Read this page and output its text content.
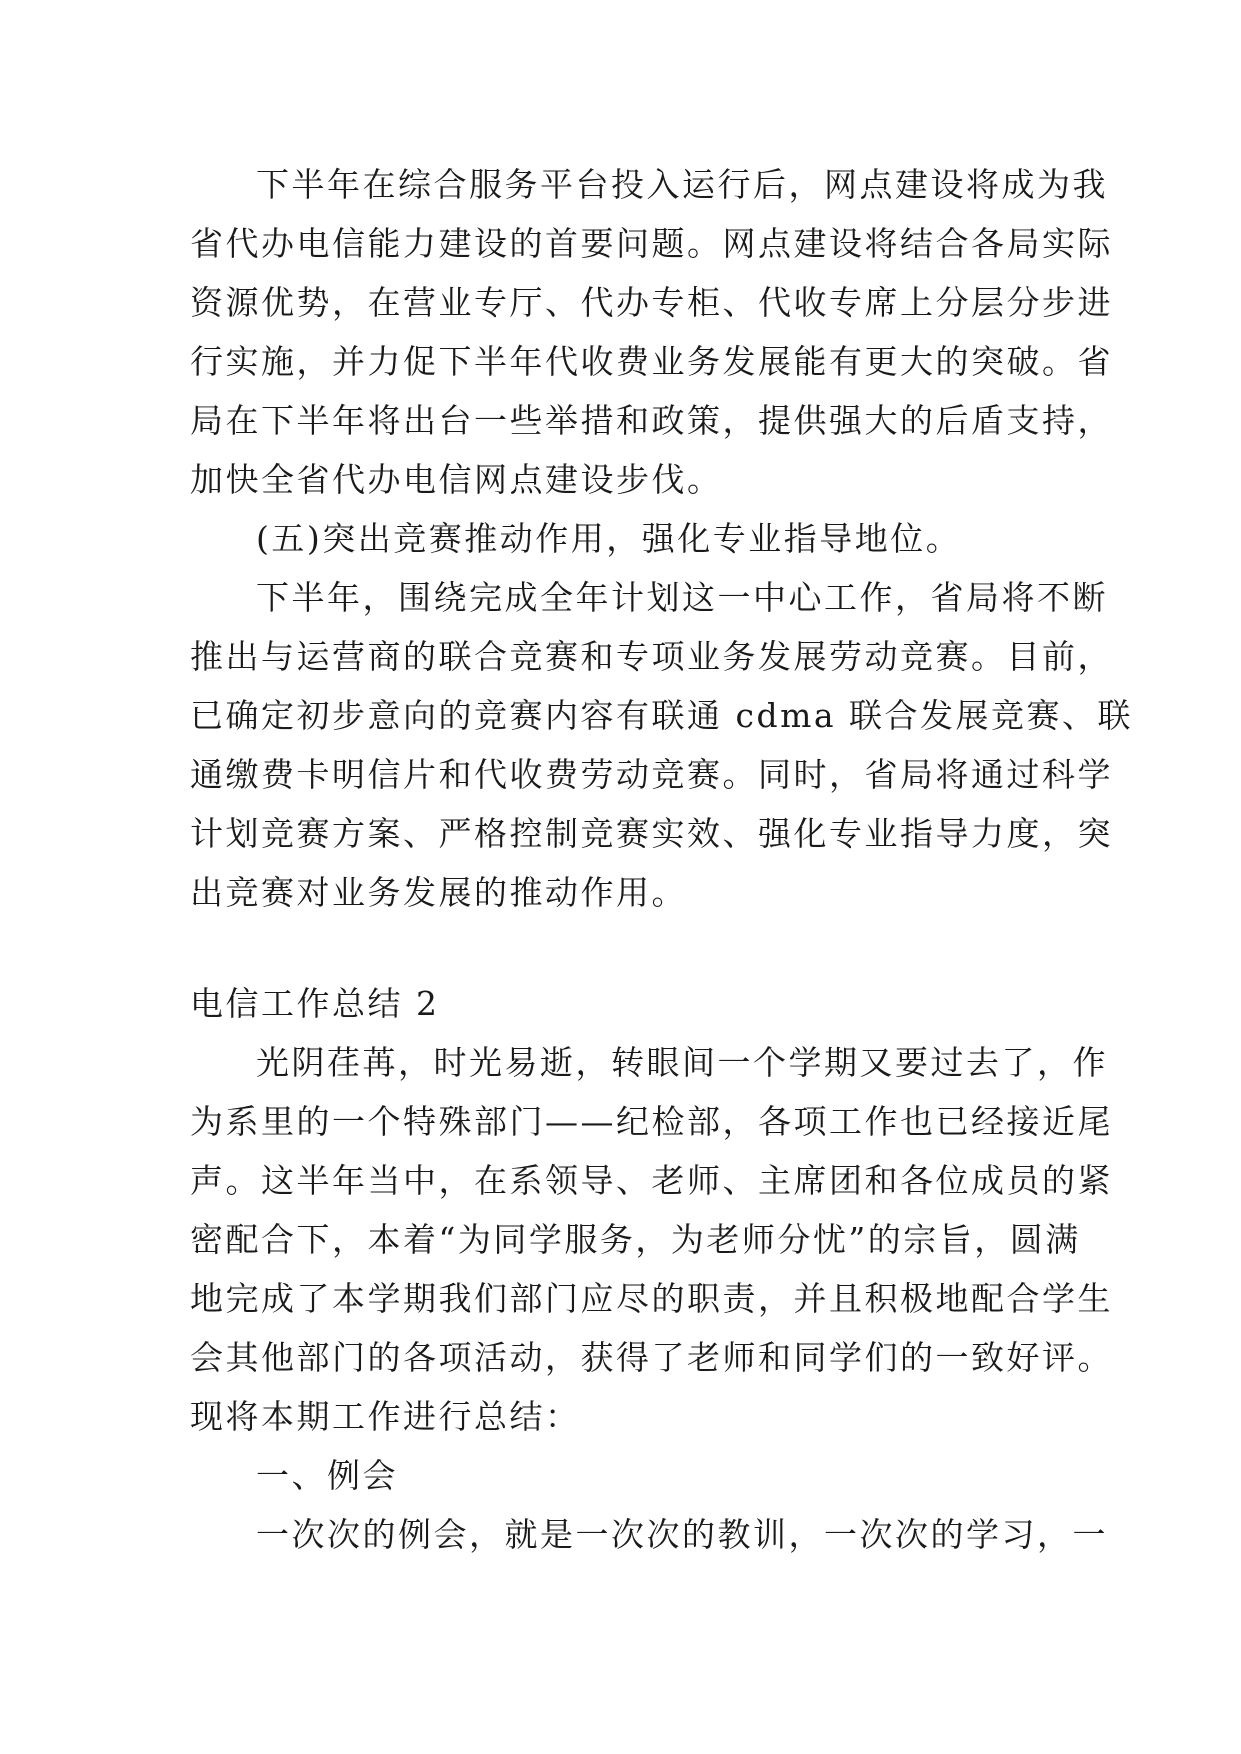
下半年在综合服务平台投入运行后，网点建设将成为我
省代办电信能力建设的首要问题。网点建设将结合各局实际
资源优势，在营业专厅、代办专柜、代收专席上分层分步进
行实施，并力促下半年代收费业务发展能有更大的突破。省
局在下半年将出台一些举措和政策，提供强大的后盾支持，
加快全省代办电信网点建设步伐。
(五)突出竞赛推动作用，强化专业指导地位。
下半年，围绕完成全年计划这一中心工作，省局将不断
推出与运营商的联合竞赛和专项业务发展劳动竞赛。目前，
已确定初步意向的竞赛内容有联通 cdma 联合发展竞赛、联
通缴费卡明信片和代收费劳动竞赛。同时，省局将通过科学
计划竞赛方案、严格控制竞赛实效、强化专业指导力度，突
出竞赛对业务发展的推动作用。
电信工作总结 2
光阴荏苒，时光易逝，转眼间一个学期又要过去了，作
为系里的一个特殊部门——纪检部，各项工作也已经接近尾
声。这半年当中，在系领导、老师、主席团和各位成员的紧
密配合下，本着“为同学服务，为老师分忧”的宗旨，圆满
地完成了本学期我们部门应尽的职责，并且积极地配合学生
会其他部门的各项活动，获得了老师和同学们的一致好评。
现将本期工作进行总结：
一、例会
一次次的例会，就是一次次的教训，一次次的学习，一
